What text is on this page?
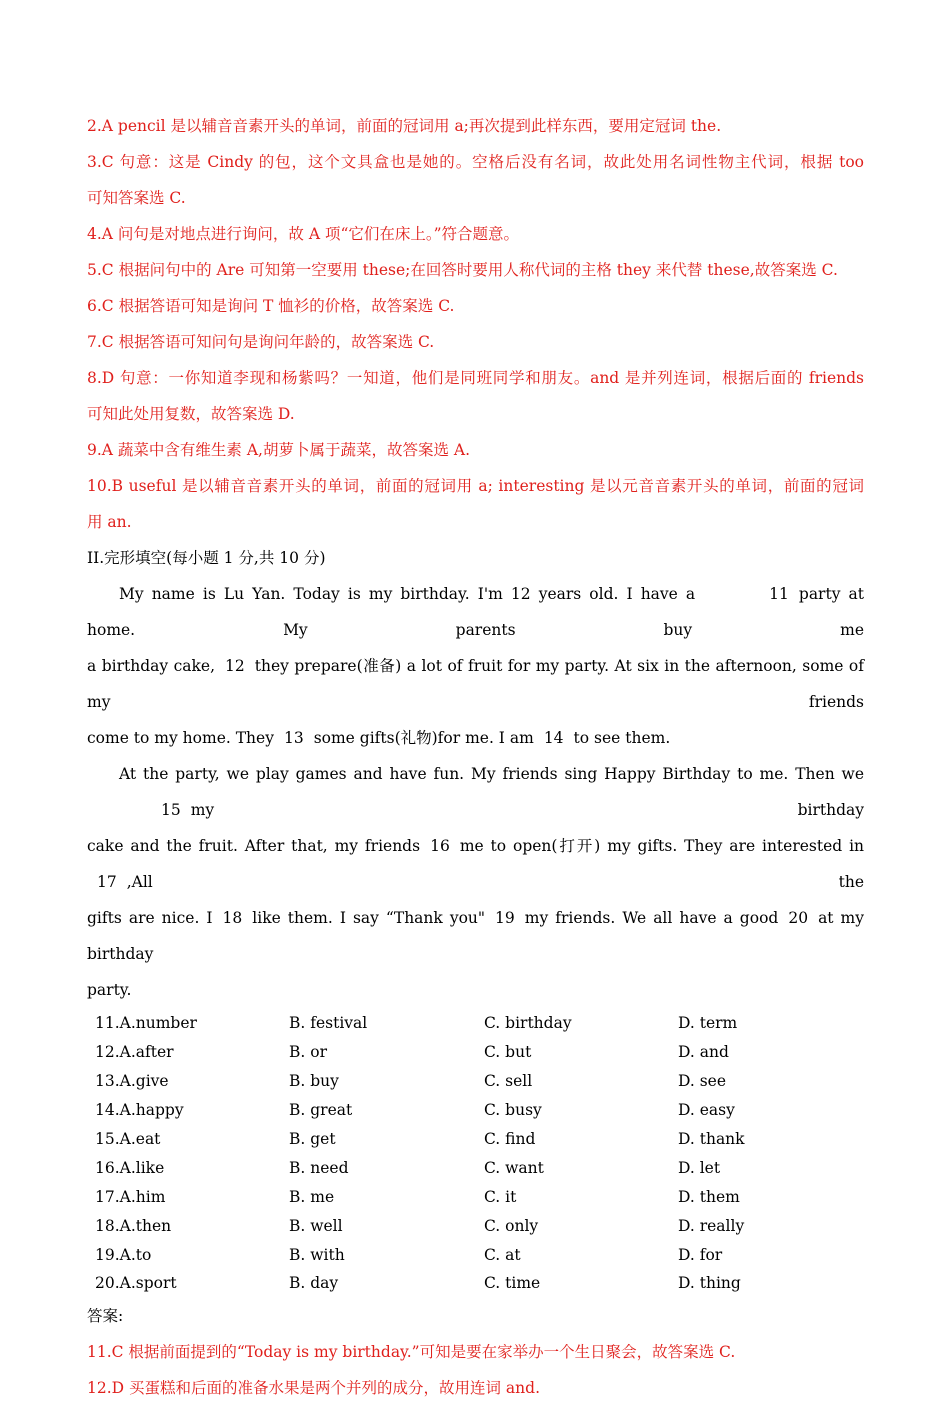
2.A pencil 是以辅音音素开头的单词，前面的冠词用 a;再次提到此样东西，要用定冠词 the.
3.C 句意：这是 Cindy 的包，这个文具盒也是她的。空格后没有名词，故此处用名词性物主代词，根据 too
可知答案选 C.
4.A 问句是对地点进行询问，故 A 项“它们在床上。”符合题意。
5.C 根据问句中的 Are 可知第一空要用 these;在回答时要用人称代词的主格 they 来代替 these,故答案选 C.
6.C 根据答语可知是询问 T 恤衫的价格，故答案选 C.
7.C 根据答语可知问句是询问年龄的，故答案选 C.
8.D 句意：一你知道李现和杨紫吗？一知道，他们是同班同学和朋友。and 是并列连词，根据后面的 friends
可知此处用复数，故答案选 D.
9.A 蔬菜中含有维生素 A,胡萝卜属于蔬菜，故答案选 A.
10.B useful 是以辅音音素开头的单词，前面的冠词用 a; interesting 是以元音音素开头的单词，前面的冠词
用 an.
II.完形填空(每小题 1 分,共 10 分)
My name is Lu Yan. Today is my birthday. I'm 12 years old. I have a	11 party at home. My parents buy me
a birthday cake, 12 they prepare(准备) a lot of fruit for my party. At six in the afternoon, some of my friends
come to my home. They 13 some gifts(礼物)for me. I am 14 to see them.
At the party, we play games and have fun. My friends sing Happy Birthday to me. Then we15 my birthday
cake and the fruit. After that, my friends 16 me to open(打开) my gifts. They are interested in17 ,All the
gifts are nice. I 18 like them. I say “Thank you" 19 my friends. We all have a good 20 at my birthday
party.
11.A.number	B. festival	C. birthday	D. term
12.A.after	B. or	C. but	D. and
13.A.give	B. buy	C. sell	D. see
14.A.happy	B. great	C. busy	D. easy
15.A.eat	B. get	C. find	D. thank
16.A.like	B. need	C. want	D. let
17.A.him	B. me	C. it	D. them
18.A.then	B. well	C. only	D. really
19.A.to	B. with	C. at	D. for
20.A.sport	B. day	C. time	D. thing
答案:
11.C 根据前面提到的“Today is my birthday.”可知是要在家举办一个生日聚会，故答案选 C.
12.D 买蛋糕和后面的准备水果是两个并列的成分，故用连词 and.
